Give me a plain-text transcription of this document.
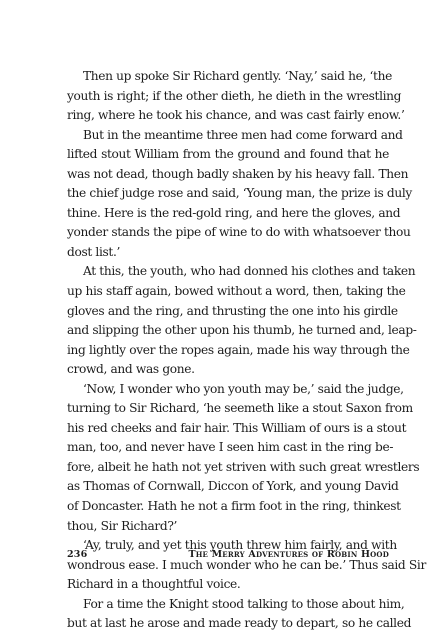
Then up spoke Sir Richard gently. ‘Nay,’ said he, ‘the
youth is right; if the other dieth, he dieth in the wrestling
ring, where he took his chance, and was cast fairly enow.’
But in the meantime three men had come forward and
lifted stout William from the ground and found that he
was not dead, though badly shaken by his heavy fall. Then
the chief judge rose and said, ‘Young man, the prize is duly
thine. Here is the red-gold ring, and here the gloves, and
yonder stands the pipe of wine to do with whatsoever thou
dost list.’
At this, the youth, who had donned his clothes and taken
up his staff again, bowed without a word, then, taking the
gloves and the ring, and thrusting the one into his girdle
and slipping the other upon his thumb, he turned and, leap-
ing lightly over the ropes again, made his way through the
crowd, and was gone.
‘Now, I wonder who yon youth may be,’ said the judge,
turning to Sir Richard, ‘he seemeth like a stout Saxon from
his red cheeks and fair hair. This William of ours is a stout
man, too, and never have I seen him cast in the ring be-
fore, albeit he hath not yet striven with such great wrestlers
as Thomas of Cornwall, Diccon of York, and young David
of Doncaster. Hath he not a firm foot in the ring, thinkest
thou, Sir Richard?’
‘Ay, truly, and yet this youth threw him fairly, and with
wondrous ease. I much wonder who he can be.’ Thus said Sir
Richard in a thoughtful voice.
For a time the Knight stood talking to those about him,
but at last he arose and made ready to depart, so he called
236	The Merry Adventures of Robin Hood
